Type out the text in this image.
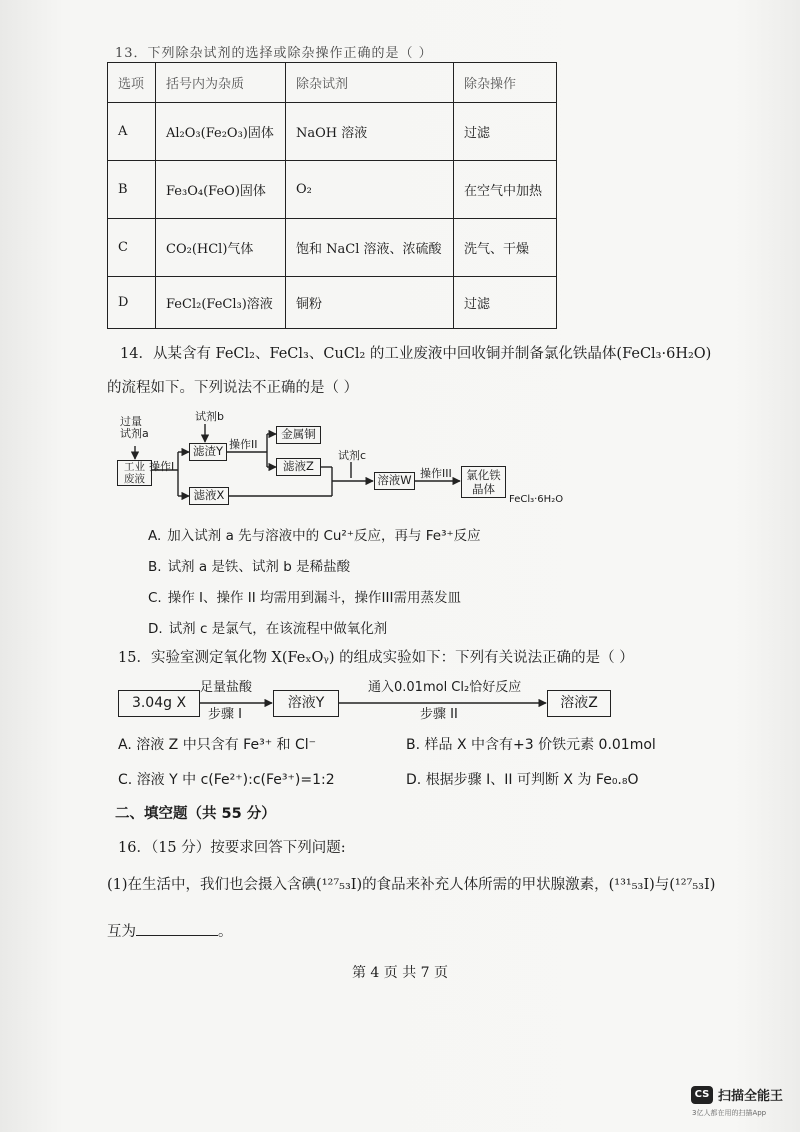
13．下列除杂试剂的选择或除杂操作正确的是（ ）
选项	括号内为杂质	除杂试剂	除杂操作
A	Al₂O₃(Fe₂O₃)固体	NaOH 溶液	过滤
B	Fe₃O₄(FeO)固体	O₂	在空气中加热
C	CO₂(HCl)气体	饱和 NaCl 溶液、浓硫酸	洗气、干燥
D	FeCl₂(FeCl₃)溶液	铜粉	过滤
14．从某含有 FeCl₂、FeCl₃、CuCl₂ 的工业废液中回收铜并制备氯化铁晶体(FeCl₃·6H₂O)
的流程如下。下列说法不正确的是（ ）
过量
试剂a
工业
废液
操作I
试剂b
滤渣Y 操作II
金属铜
滤液Z
滤液X
试剂c
溶液W 操作III	氯化铁
晶体
FeCl₃·6H₂O
A. 加入试剂 a 先与溶液中的 Cu²⁺反应，再与 Fe³⁺反应
B. 试剂 a 是铁、试剂 b 是稀盐酸
C. 操作 I、操作 II 均需用到漏斗，操作III需用蒸发皿
D. 试剂 c 是氯气，在该流程中做氧化剂
15．实验室测定氧化物 X(FeₓOᵧ) 的组成实验如下：下列有关说法正确的是（ ）
3.04g X
足量盐酸
步骤 I
溶液Y
通入0.01mol Cl₂恰好反应
步骤 II
溶液Z
A. 溶液 Z 中只含有 Fe³⁺ 和 Cl⁻	B. 样品 X 中含有+3 价铁元素 0.01mol
C. 溶液 Y 中 c(Fe²⁺):c(Fe³⁺)=1:2	D. 根据步骤 I、II 可判断 X 为 Fe₀.₈O
二、填空题（共 55 分）
16．（15 分）按要求回答下列问题:
(1)在生活中，我们也会摄入含碘(¹²⁷₅₃I)的食品来补充人体所需的甲状腺激素，(¹³¹₅₃I)与(¹²⁷₅₃I)
互为	。
第 4 页 共 7 页
CS 扫描全能王
3亿人都在用的扫描App
